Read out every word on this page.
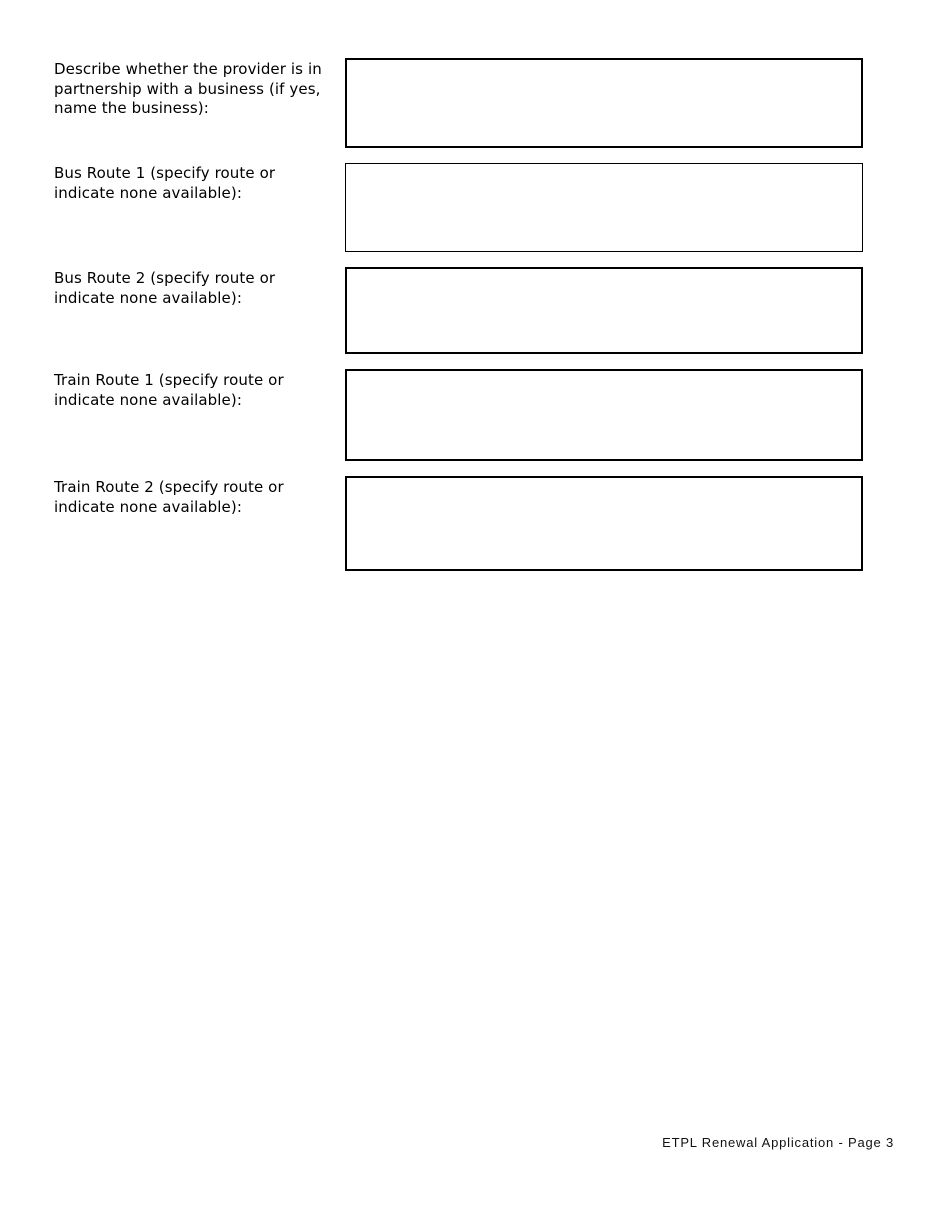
Describe whether the provider is in partnership with a business (if yes, name the business):
Bus Route 1 (specify route or indicate none available):
Bus Route 2 (specify route or indicate none available):
Train Route 1 (specify route or indicate none available):
Train Route 2 (specify route or indicate none available):
ETPL Renewal Application - Page 3
